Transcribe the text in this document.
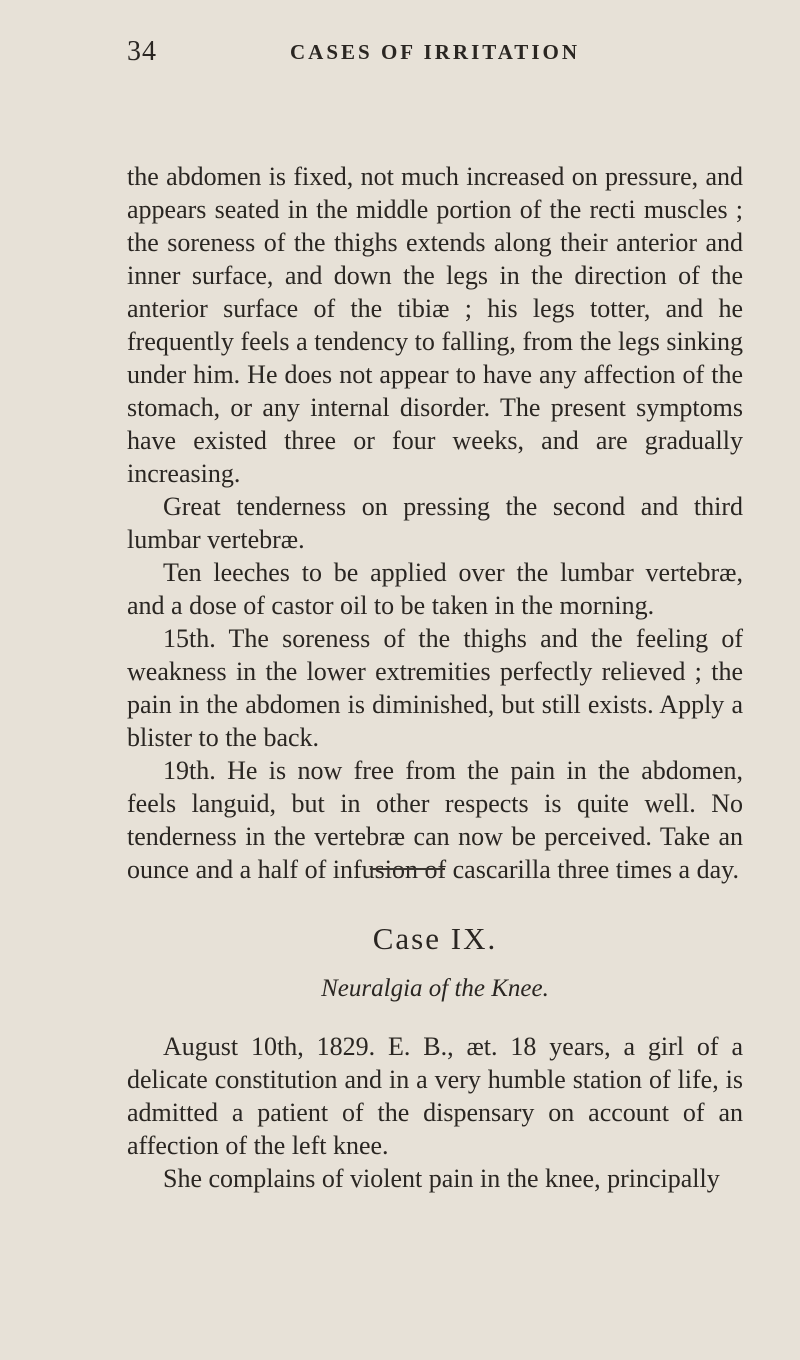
34	CASES OF IRRITATION

the abdomen is fixed, not much increased on pressure, and appears seated in the middle portion of the recti muscles ; the soreness of the thighs extends along their anterior and inner surface, and down the legs in the direction of the anterior surface of the tibiæ ; his legs totter, and he frequently feels a tendency to falling, from the legs sinking under him. He does not appear to have any affection of the stomach, or any internal disorder. The present symptoms have existed three or four weeks, and are gradually increasing.

Great tenderness on pressing the second and third lumbar vertebræ.

Ten leeches to be applied over the lumbar vertebræ, and a dose of castor oil to be taken in the morning.

15th. The soreness of the thighs and the feeling of weakness in the lower extremities perfectly relieved ; the pain in the abdomen is diminished, but still exists. Apply a blister to the back.

19th. He is now free from the pain in the abdomen, feels languid, but in other respects is quite well. No tenderness in the vertebræ can now be perceived. Take an ounce and a half of infusion of cascarilla three times a day.

Case IX.
Neuralgia of the Knee.

August 10th, 1829. E. B., æt. 18 years, a girl of a delicate constitution and in a very humble station of life, is admitted a patient of the dispensary on account of an affection of the left knee.

She complains of violent pain in the knee, principally
